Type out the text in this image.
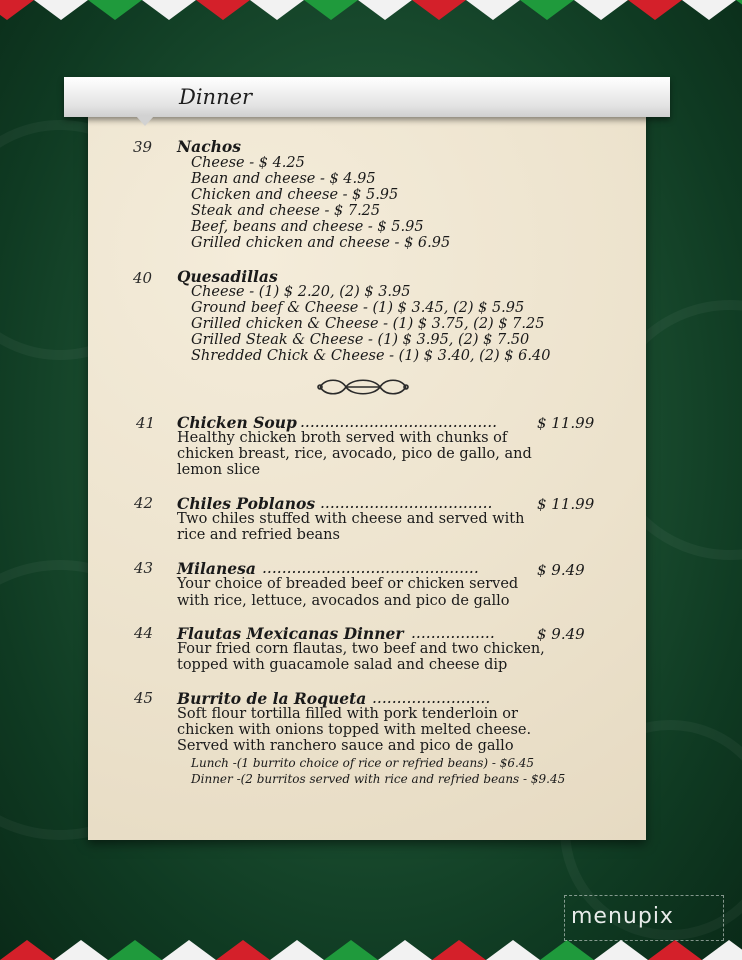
Dinner
39 Nachos
Cheese - $ 4.25
Bean and cheese - $ 4.95
Chicken and cheese - $ 5.95
Steak and cheese - $ 7.25
Beef, beans and cheese - $ 5.95
Grilled chicken and cheese - $ 6.95
40 Quesadillas
Cheese - (1) $ 2.20, (2) $ 3.95
Ground beef & Cheese - (1) $ 3.45, (2) $ 5.95
Grilled chicken & Cheese - (1) $ 3.75, (2) $ 7.25
Grilled Steak & Cheese - (1) $ 3.95, (2) $ 7.50
Shredded Chick & Cheese - (1) $ 3.40, (2) $ 6.40
41 Chicken Soup ........................................	$ 11.99
Healthy chicken broth served with chunks of
chicken breast, rice, avocado, pico de gallo, and
lemon slice
42 Chiles Poblanos ...................................	$ 11.99
Two chiles stuffed with cheese and served with
rice and refried beans
43 Milanesa ............................................	$ 9.49
Your choice of breaded beef or chicken served
with rice, lettuce, avocados and pico de gallo
44 Flautas Mexicanas Dinner .................	$ 9.49
Four fried corn flautas, two beef and two chicken,
topped with guacamole salad and cheese dip
45 Burrito de la Roqueta ........................
Soft flour tortilla filled with pork tenderloin or
chicken with onions topped with melted cheese.
Served with ranchero sauce and pico de gallo
Lunch -(1 burrito choice of rice or refried beans) - $6.45
Dinner -(2 burritos served with rice and refried beans - $9.45
menupix
